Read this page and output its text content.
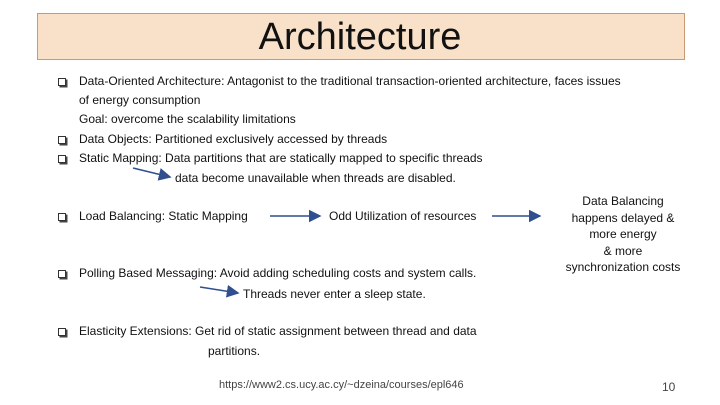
Architecture
Data-Oriented Architecture: Antagonist to the traditional transaction-oriented architecture, faces issues
of energy consumption
Goal: overcome the scalability limitations
Data Objects: Partitioned exclusively accessed by threads
Static Mapping: Data partitions that are statically mapped to specific threads
data become unavailable when threads are disabled.
Load Balancing: Static Mapping	Odd Utilization of resources
Polling Based Messaging: Avoid adding scheduling costs and system calls.
Threads never enter a sleep state.
Elasticity Extensions: Get rid of static assignment between thread and data
partitions.
Data Balancing
happens delayed &
more energy
& more
synchronization costs
https://www2.cs.ucy.ac.cy/~dzeina/courses/epl646	10
